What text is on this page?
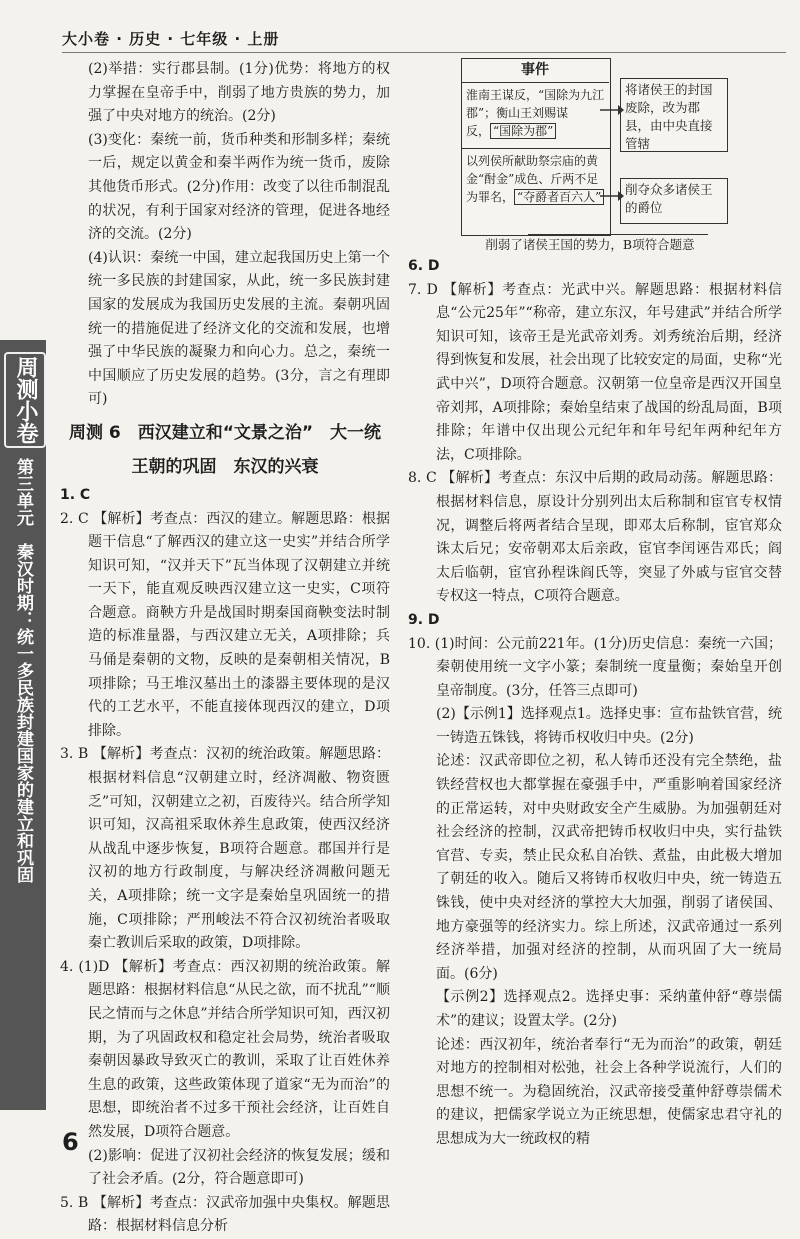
大小卷 · 历史 · 七年级 · 上册
周测小卷
第三单元　秦汉时期：统一多民族封建国家的建立和巩固

(2)举措：实行郡县制。(1分)优势：将地方的权力掌握在皇帝手中，削弱了地方贵族的势力，加强了中央对地方的统治。(2分)

(3)变化：秦统一前，货币种类和形制多样；秦统一后，规定以黄金和秦半两作为统一货币，废除其他货币形式。(2分)作用：改变了以往币制混乱的状况，有利于国家对经济的管理，促进各地经济的交流。(2分)

(4)认识：秦统一中国，建立起我国历史上第一个统一多民族的封建国家，从此，统一多民族封建国家的发展成为我国历史发展的主流。秦朝巩固统一的措施促进了经济文化的交流和发展，也增强了中华民族的凝聚力和向心力。总之，秦统一中国顺应了历史发展的趋势。(3分，言之有理即可)

周测 6　西汉建立和“文景之治”　大一统
王朝的巩固　东汉的兴衰

1. C

2. C 【解析】考查点：西汉的建立。解题思路：根据题干信息“了解西汉的建立这一史实”并结合所学知识可知，“汉并天下”瓦当体现了汉朝建立并统一天下，能直观反映西汉建立这一史实，C项符合题意。商鞅方升是战国时期秦国商鞅变法时制造的标准量器，与西汉建立无关，A项排除；兵马俑是秦朝的文物，反映的是秦朝相关情况，B项排除；马王堆汉墓出土的漆器主要体现的是汉代的工艺水平，不能直接体现西汉的建立，D项排除。

3. B 【解析】考查点：汉初的统治政策。解题思路：根据材料信息“汉朝建立时，经济凋敝、物资匮乏”可知，汉朝建立之初，百废待兴。结合所学知识可知，汉高祖采取休养生息政策，使西汉经济从战乱中逐步恢复，B项符合题意。郡国并行是汉初的地方行政制度，与解决经济凋敝问题无关，A项排除；统一文字是秦始皇巩固统一的措施，C项排除；严刑峻法不符合汉初统治者吸取秦亡教训后采取的政策，D项排除。

4. (1)D 【解析】考查点：西汉初期的统治政策。解题思路：根据材料信息“从民之欲，而不扰乱”“顺民之情而与之休息”并结合所学知识可知，西汉初期，为了巩固政权和稳定社会局势，统治者吸取秦朝因暴政导致灭亡的教训，采取了让百姓休养生息的政策，这些政策体现了道家“无为而治”的思想，即统治者不过多干预社会经济，让百姓自然发展，D项符合题意。

(2)影响：促进了汉初社会经济的恢复发展；缓和了社会矛盾。(2分，符合题意即可)

5. B 【解析】考查点：汉武帝加强中央集权。解题思路：根据材料信息分析

事件
淮南王谋反，“国除为九江郡”；衡山王刘赐谋反， “国除为郡”
以列侯所献助祭宗庙的黄金“酎金”成色、斤两不足为罪名， “夺爵者百六人”
将诸侯王的封国废除，改为郡县，由中央直接管辖
削夺众多诸侯王的爵位
削弱了诸侯王国的势力，B项符合题意

6. D

7. D 【解析】考查点：光武中兴。解题思路：根据材料信息“公元25年”“称帝，建立东汉，年号建武”并结合所学知识可知，该帝王是光武帝刘秀。刘秀统治后期，经济得到恢复和发展，社会出现了比较安定的局面，史称“光武中兴”，D项符合题意。汉朝第一位皇帝是西汉开国皇帝刘邦，A项排除；秦始皇结束了战国的纷乱局面，B项排除；年谱中仅出现公元纪年和年号纪年两种纪年方法，C项排除。

8. C 【解析】考查点：东汉中后期的政局动荡。解题思路：根据材料信息，原设计分别列出太后称制和宦官专权情况，调整后将两者结合呈现，即邓太后称制，宦官郑众诛太后兄；安帝朝邓太后亲政，宦官李闰诬告邓氏；阎太后临朝，宦官孙程诛阎氏等，突显了外戚与宦官交替专权这一特点，C项符合题意。

9. D

10. (1)时间：公元前221年。(1分)历史信息：秦统一六国；秦朝使用统一文字小篆；秦制统一度量衡；秦始皇开创皇帝制度。(3分，任答三点即可)

(2)【示例1】选择观点1。选择史事：宣布盐铁官营，统一铸造五铢钱，将铸币权收归中央。(2分)

论述：汉武帝即位之初，私人铸币还没有完全禁绝，盐铁经营权也大都掌握在豪强手中，严重影响着国家经济的正常运转，对中央财政安全产生威胁。为加强朝廷对社会经济的控制，汉武帝把铸币权收归中央，实行盐铁官营、专卖，禁止民众私自冶铁、煮盐，由此极大增加了朝廷的收入。随后又将铸币权收归中央，统一铸造五铢钱，使中央对经济的掌控大大加强，削弱了诸侯国、地方豪强等的经济实力。综上所述，汉武帝通过一系列经济举措，加强对经济的控制，从而巩固了大一统局面。(6分)

【示例2】选择观点2。选择史事：采纳董仲舒“尊崇儒术”的建议；设置太学。(2分)

论述：西汉初年，统治者奉行“无为而治”的政策，朝廷对地方的控制相对松弛，社会上各种学说流行，人们的思想不统一。为稳固统治，汉武帝接受董仲舒尊崇儒术的建议，把儒家学说立为正统思想，使儒家忠君守礼的思想成为大一统政权的精

6
